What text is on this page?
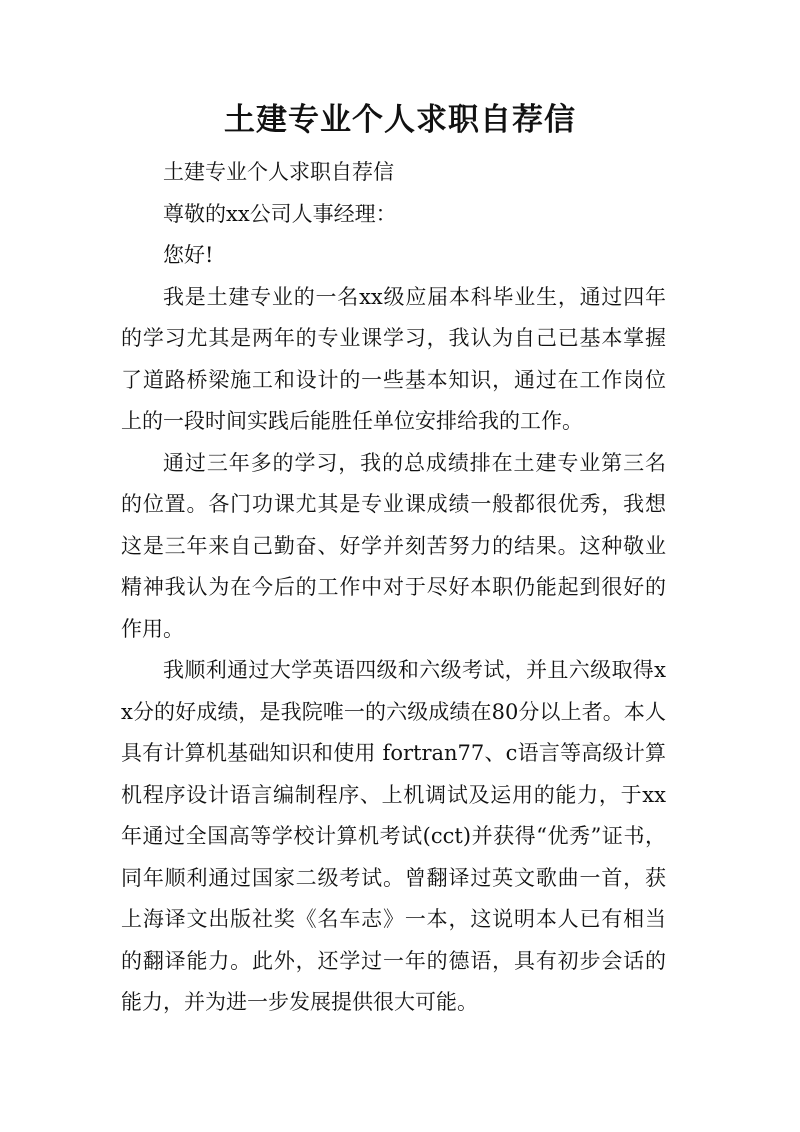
土建专业个人求职自荐信

土建专业个人求职自荐信

尊敬的xx公司人事经理：

您好!

我是土建专业的一名xx级应届本科毕业生，通过四年的学习尤其是两年的专业课学习，我认为自己已基本掌握了道路桥梁施工和设计的一些基本知识，通过在工作岗位上的一段时间实践后能胜任单位安排给我的工作。

通过三年多的学习，我的总成绩排在土建专业第三名的位置。各门功课尤其是专业课成绩一般都很优秀，我想这是三年来自己勤奋、好学并刻苦努力的结果。这种敬业精神我认为在今后的工作中对于尽好本职仍能起到很好的作用。

我顺利通过大学英语四级和六级考试，并且六级取得xx分的好成绩，是我院唯一的六级成绩在80分以上者。本人具有计算机基础知识和使用 fortran77、c语言等高级计算机程序设计语言编制程序、上机调试及运用的能力，于xx年通过全国高等学校计算机考试(cct)并获得“优秀”证书，同年顺利通过国家二级考试。曾翻译过英文歌曲一首，获上海译文出版社奖《名车志》一本，这说明本人已有相当的翻译能力。此外，还学过一年的德语，具有初步会话的能力，并为进一步发展提供很大可能。
